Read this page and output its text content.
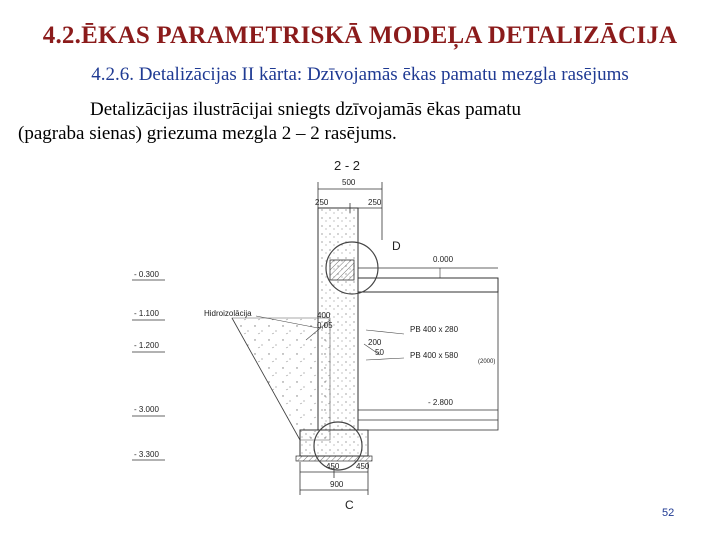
4.2.ĒKAS PARAMETRISKĀ MODEĻA DETALIZĀCIJA
4.2.6. Detalizācijas II kārta: Dzīvojamās ēkas pamatu mezgla rasējums
Detalizācijas ilustrācijai sniegts dzīvojamās ēkas pamatu
(pagraba sienas) griezuma mezgla 2 – 2 rasējums.
2 - 2
500
250	250
- 0.300
- 1.100
- 1.200
- 3.000
- 3.300
450 450
900
D
C
0.000
- 2.800
Hidroizolācija	400
0,05
200
50
PB 400 x 280
PB 400 x 580
(2000)
52
